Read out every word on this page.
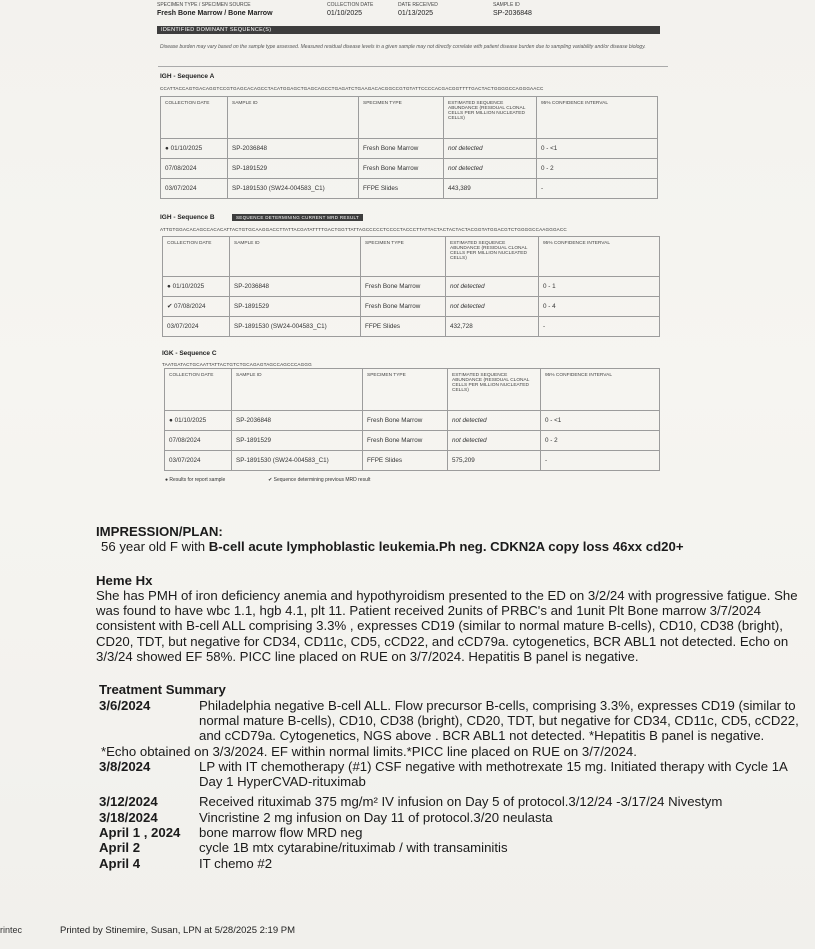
SPECIMEN TYPE / SPECIMEN SOURCE
Fresh Bone Marrow / Bone Marrow
COLLECTION DATE
01/10/2025
DATE RECEIVED
01/13/2025
SAMPLE ID
SP-2036848
IDENTIFIED DOMINANT SEQUENCE(S)
Disease burden may vary based on the sample type assessed. Measured residual disease levels in a given sample may not directly correlate with patient disease burden due to sampling variability and/or disease biology.
IGH - Sequence A
CCATTACCAGTGACAGGTCCGTGAGCACAGCCTACATGGAGCTGAGCAGCCTGAGATCTGAAGACACGGCCGTGTATTCCCCACGACGGTTTTGACTACTGGGGCCAGGGAACC
COLLECTION DATE	SAMPLE ID	SPECIMEN TYPE	ESTIMATED SEQUENCE ABUNDANCE (RESIDUAL CLONAL CELLS PER MILLION NUCLEATED CELLS)	95% CONFIDENCE INTERVAL
● 01/10/2025	SP-2036848	Fresh Bone Marrow	not detected	0 - <1
07/08/2024	SP-1891529	Fresh Bone Marrow	not detected	0 - 2
03/07/2024	SP-1891530 (SW24-004583_C1)	FFPE Slides	443,389	-
IGH - Sequence B	SEQUENCE DETERMINING CURRENT MRD RESULT
ATTGTGGACACAGCCACACATTACTGTGCAAGGACCTTATTACGATATTTTGACTGGTTATTAGCCCCCTCCCCTACCCTTATTACTACTACTACTACGGTATGGACGTCTGGGGCCAAGGGACC
COLLECTION DATE	SAMPLE ID	SPECIMEN TYPE	ESTIMATED SEQUENCE ABUNDANCE (RESIDUAL CLONAL CELLS PER MILLION NUCLEATED CELLS)	95% CONFIDENCE INTERVAL
● 01/10/2025	SP-2036848	Fresh Bone Marrow	not detected	0 - 1
✔ 07/08/2024	SP-1891529	Fresh Bone Marrow	not detected	0 - 4
03/07/2024	SP-1891530 (SW24-004583_C1)	FFPE Slides	432,728	-
IGK - Sequence C
TAATGATACTGCAATTATTACTGTCTGCAGAGTAGCCAGCCCAGGG
COLLECTION DATE	SAMPLE ID	SPECIMEN TYPE	ESTIMATED SEQUENCE ABUNDANCE (RESIDUAL CLONAL CELLS PER MILLION NUCLEATED CELLS)	95% CONFIDENCE INTERVAL
● 01/10/2025	SP-2036848	Fresh Bone Marrow	not detected	0 - <1
07/08/2024	SP-1891529	Fresh Bone Marrow	not detected	0 - 2
03/07/2024	SP-1891530 (SW24-004583_C1)	FFPE Slides	575,209	-
● Results for report sample	✔ Sequence determining previous MRD result
IMPRESSION/PLAN:
56 year old F with B-cell acute lymphoblastic leukemia.Ph neg. CDKN2A copy loss 46xx cd20+
Heme Hx
She has PMH of iron deficiency anemia and hypothyroidism presented to the ED on 3/2/24 with progressive fatigue. She was found to have wbc 1.1, hgb 4.1, plt 11. Patient received 2units of PRBC's and 1unit Plt Bone marrow 3/7/2024 consistent with B-cell ALL comprising 3.3% , expresses CD19 (similar to normal mature B-cells), CD10, CD38 (bright), CD20, TDT, but negative for CD34, CD11c, CD5, cCD22, and cCD79a. cytogenetics, BCR ABL1 not detected. Echo on 3/3/24 showed EF 58%. PICC line placed on RUE on 3/7/2024. Hepatitis B panel is negative.
Treatment Summary
3/6/2024	Philadelphia negative B-cell ALL. Flow precursor B-cells, comprising 3.3%, expresses CD19 (similar to normal mature B-cells), CD10, CD38 (bright), CD20, TDT, but negative for CD34, CD11c, CD5, cCD22, and cCD79a. Cytogenetics, NGS above . BCR ABL1 not detected. *Hepatitis B panel is negative.
*Echo obtained on 3/3/2024. EF within normal limits.*PICC line placed on RUE on 3/7/2024.
3/8/2024	LP with IT chemotherapy (#1) CSF negative with methotrexate 15 mg. Initiated therapy with Cycle 1A Day 1 HyperCVAD-rituximab
3/12/2024	Received rituximab 375 mg/m² IV infusion on Day 5 of protocol.3/12/24 -3/17/24 Nivestym
3/18/2024	Vincristine 2 mg infusion on Day 11 of protocol.3/20 neulasta
April 1 , 2024	bone marrow flow MRD neg
April 2	cycle 1B mtx cytarabine/rituximab / with transaminitis
April 4	IT chemo #2
rintec	Printed by Stinemire, Susan, LPN at 5/28/2025 2:19 PM
